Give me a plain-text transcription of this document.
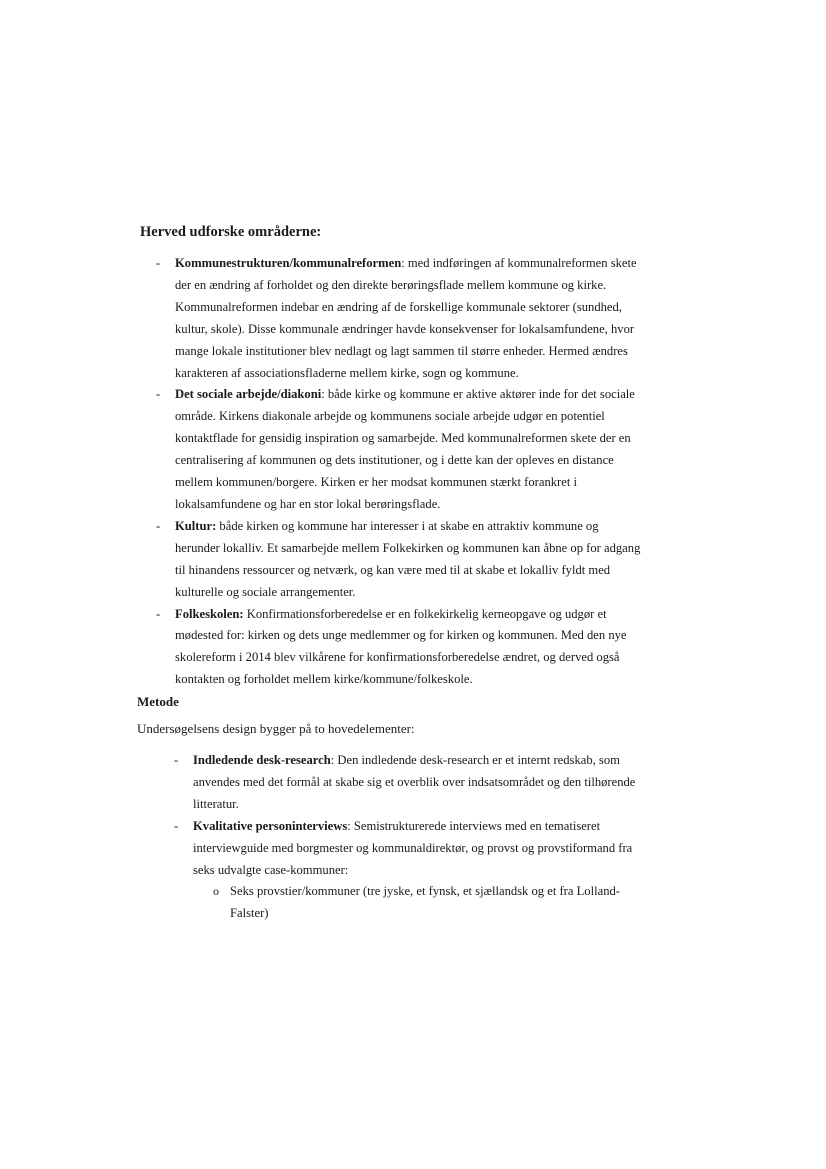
Herved udforske områderne:

- Kommunestrukturen/kommunalreformen: med indføringen af kommunalreformen skete der en ændring af forholdet og den direkte berøringsflade mellem kommune og kirke. Kommunalreformen indebar en ændring af de forskellige kommunale sektorer (sundhed, kultur, skole). Disse kommunale ændringer havde konsekvenser for lokalsamfundene, hvor mange lokale institutioner blev nedlagt og lagt sammen til større enheder. Hermed ændres karakteren af associationsfladerne mellem kirke, sogn og kommune.
- Det sociale arbejde/diakoni: både kirke og kommune er aktive aktører inde for det sociale område. Kirkens diakonale arbejde og kommunens sociale arbejde udgør en potentiel kontaktflade for gensidig inspiration og samarbejde. Med kommunalreformen skete der en centralisering af kommunen og dets institutioner, og i dette kan der opleves en distance mellem kommunen/borgere. Kirken er her modsat kommunen stærkt forankret i lokalsamfundene og har en stor lokal berøringsflade.
- Kultur: både kirken og kommune har interesser i at skabe en attraktiv kommune og herunder lokalliv. Et samarbejde mellem Folkekirken og kommunen kan åbne op for adgang til hinandens ressourcer og netværk, og kan være med til at skabe et lokalliv fyldt med kulturelle og sociale arrangementer.
- Folkeskolen: Konfirmationsforberedelse er en folkekirkelig kerneopgave og udgør et mødested for: kirken og dets unge medlemmer og for kirken og kommunen. Med den nye skolereform i 2014 blev vilkårene for konfirmationsforberedelse ændret, og derved også kontakten og forholdet mellem kirke/kommune/folkeskole.

Metode

Undersøgelsens design bygger på to hovedelementer:

- Indledende desk-research: Den indledende desk-research er et internt redskab, som anvendes med det formål at skabe sig et overblik over indsatsområdet og den tilhørende litteratur.
- Kvalitative personinterviews: Semistrukturerede interviews med en tematiseret interviewguide med borgmester og kommunaldirektør, og provst og provstiformand fra seks udvalgte case-kommuner:
o Seks provstier/kommuner (tre jyske, et fynsk, et sjællandsk og et fra Lolland-Falster)
